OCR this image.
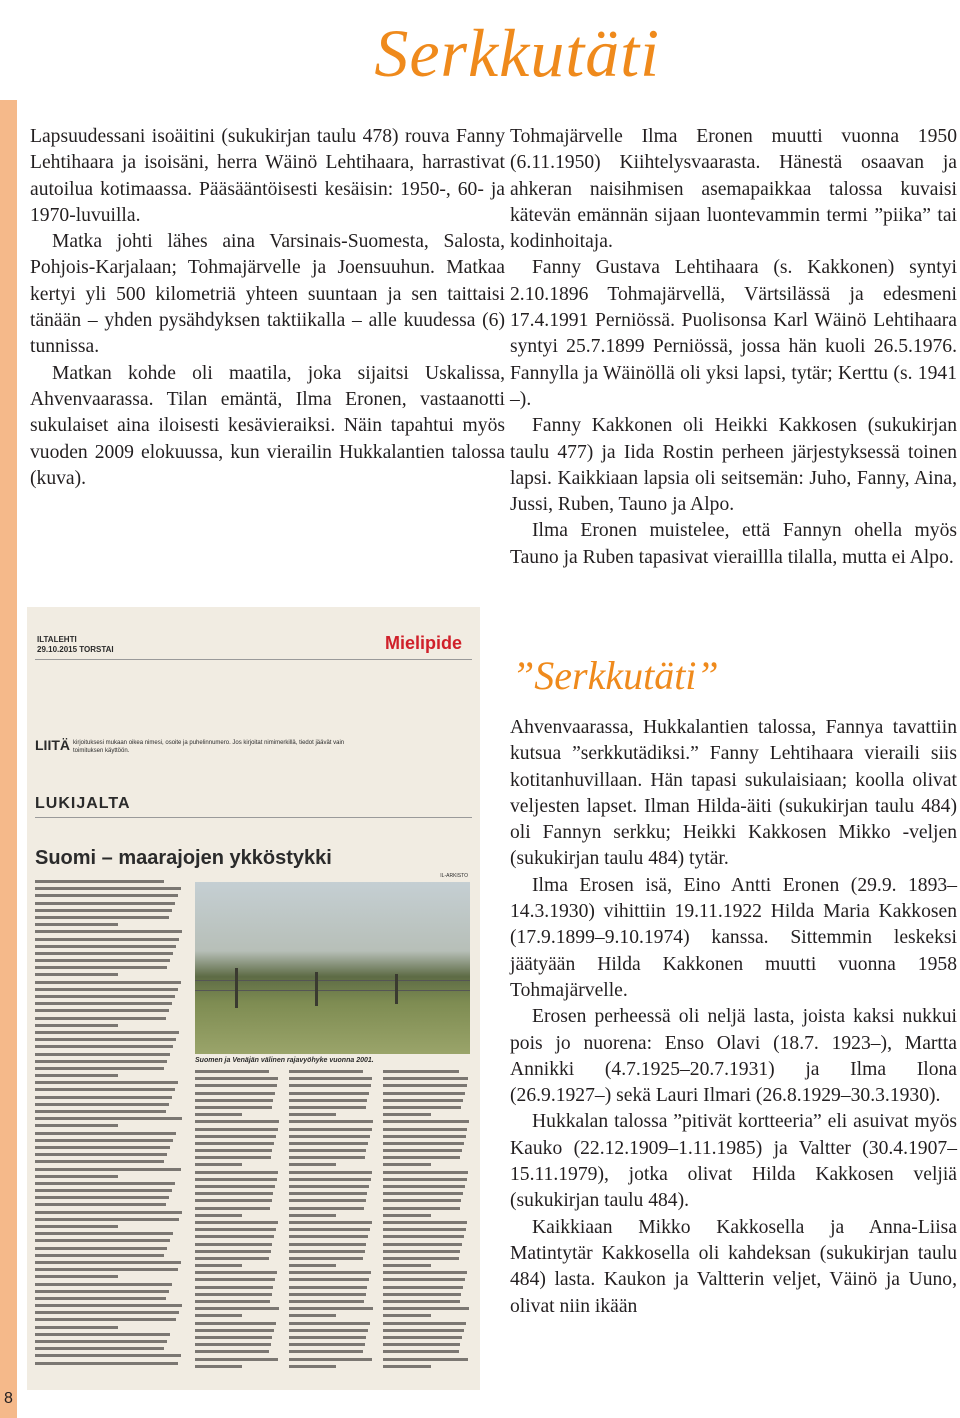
8
Serkkutäti

Lapsuudessani isoäitini (sukukirjan taulu 478) rouva Fanny Lehtihaara ja isoisäni, herra Wäinö Lehtihaara, harrastivat autoilua kotimaassa. Pääsääntöisesti kesäisin: 1950-, 60- ja 1970-luvuilla.

Matka johti lähes aina Varsinais-Suomesta, Salosta, Pohjois-Karjalaan; Tohmajärvelle ja Joensuuhun. Matkaa kertyi yli 500 kilometriä yhteen suuntaan ja sen taittaisi tänään – yhden pysähdyksen taktiikalla – alle kuudessa (6) tunnissa.

Matkan kohde oli maatila, joka sijaitsi Uskalissa, Ahvenvaarassa. Tilan emäntä, Ilma Eronen, vastaanotti sukulaiset aina iloisesti kesävieraiksi. Näin tapahtui myös vuoden 2009 elokuussa, kun vierailin Hukkalantien talossa (kuva).

Tohmajärvelle Ilma Eronen muutti vuonna 1950 (6.11.1950) Kiihtelysvaarasta. Hänestä osaavan ja ahkeran naisihmisen asemapaikkaa talossa kuvaisi kätevän emännän sijaan luontevammin termi ”piika” tai kodinhoitaja.

Fanny Gustava Lehtihaara (s. Kakkonen) syntyi 2.10.1896 Tohmajärvellä, Värtsilässä ja edesmeni 17.4.1991 Perniössä. Puolisonsa Karl Wäinö Lehtihaara syntyi 25.7.1899 Perniössä, jossa hän kuoli 26.5.1976. Fannylla ja Wäinöllä oli yksi lapsi, tytär; Kerttu (s. 1941 –).

Fanny Kakkonen oli Heikki Kakkosen (sukukirjan taulu 477) ja Iida Rostin perheen järjestyksessä toinen lapsi. Kaikkiaan lapsia oli seitsemän: Juho, Fanny, Aina, Jussi, Ruben, Tauno ja Alpo.

Ilma Eronen muistelee, että Fannyn ohella myös Tauno ja Ruben tapasivat vieraillla tilalla, mutta ei Alpo.

”Serkkutäti”

Ahvenvaarassa, Hukkalantien talossa, Fannya tavattiin kutsua ”serkkutädiksi.” Fanny Lehtihaara vieraili siis kotitanhuvillaan. Hän tapasi sukulaisiaan; koolla olivat veljesten lapset. Ilman Hilda-äiti (sukukirjan taulu 484) oli Fannyn serkku; Heikki Kakkosen Mikko -veljen (sukukirjan taulu 484) tytär.

Ilma Erosen isä, Eino Antti Eronen (29.9. 1893–14.3.1930) vihittiin 19.11.1922 Hilda Maria Kakkosen (17.9.1899–9.10.1974) kanssa. Sittemmin leskeksi jäätyään Hilda Kakkonen muutti vuonna 1958 Tohmajärvelle.

Erosen perheessä oli neljä lasta, joista kaksi nukkui pois jo nuorena: Enso Olavi (18.7. 1923–), Martta Annikki (4.7.1925–20.7.1931) ja Ilma Ilona (26.9.1927–) sekä Lauri Ilmari (26.8.1929–30.3.1930).

Hukkalan talossa ”pitivät kortteeria” eli asuivat myös Kauko (22.12.1909–1.11.1985) ja Valtter (30.4.1907–15.11.1979), jotka olivat Hilda Kakkosen veljiä (sukukirjan taulu 484).

Kaikkiaan Mikko Kakkosella ja Anna-Liisa Matintytär Kakkosella oli kahdeksan (sukukirjan taulu 484) lasta. Kaukon ja Valtterin veljet, Väinö ja Uuno, olivat niin ikään

ILTALEHTI
29.10.2015 TORSTAI	Mielipide
LIITÄ kirjoituksesi mukaan oikea nimesi, osoite ja puhelinnumero. Jos kirjoitat nimimerkillä, tiedot jäävät vain toimituksen käyttöön.
LUKIJALTA
Suomi – maarajojen ykköstykki
IL-ARKISTO
Suomen ja Venäjän välinen rajavyöhyke vuonna 2001.
